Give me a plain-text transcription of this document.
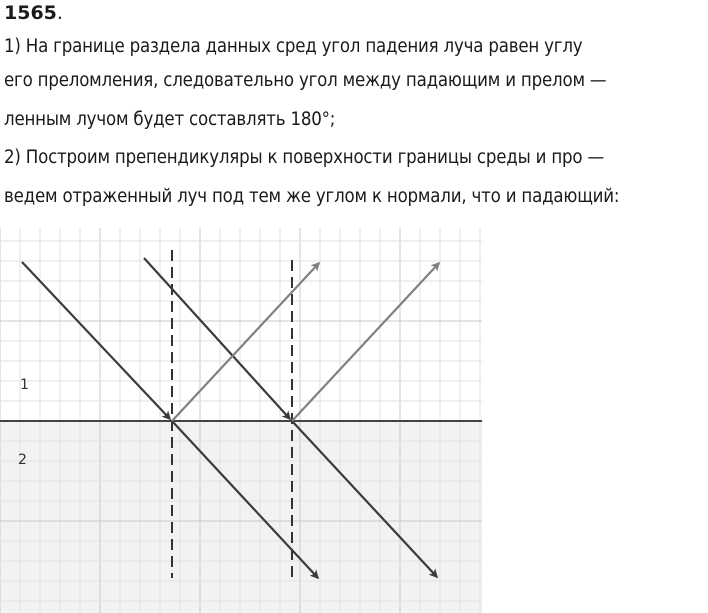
1565.
1) На границе раздела данных сред угол падения луча равен углу
его преломления, следовательно угол между падающим и прелом —
ленным лучом будет составлять 180°;
2) Построим препендикуляры к поверхности границы среды и про —
ведем отраженный луч под тем же углом к нормали, что и падающий:
1
2
